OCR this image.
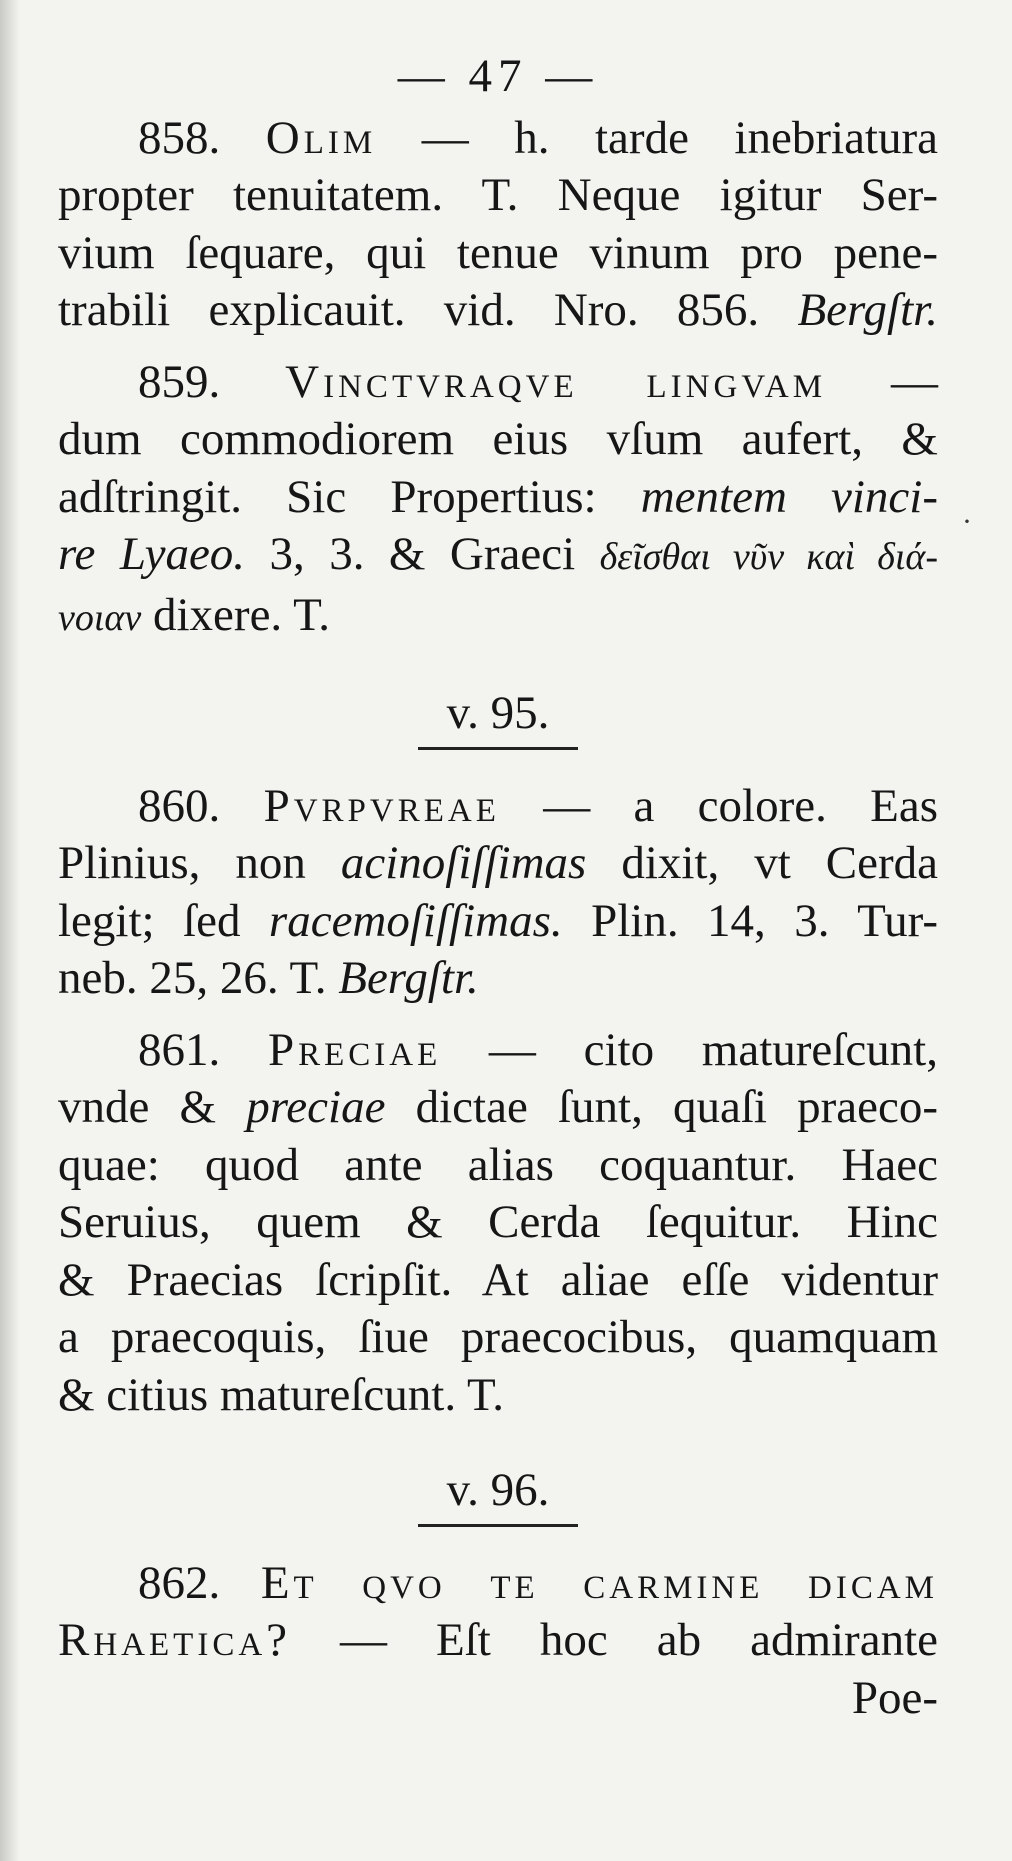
·
— 47 —
858. Olim — h. tarde inebriatura
propter tenuitatem. T. Neque igitur Ser-
vium ſequare, qui tenue vinum pro pene-
trabili explicauit. vid. Nro. 856. Bergſtr.
859. Vinctvraqve lingvam —
dum commodiorem eius vſum aufert, &
adſtringit. Sic Propertius: mentem vinci-
re Lyaeo. 3, 3. & Graeci δεῖσθαι νῦν καὶ διά-
νοιαν dixere. T.
v. 95.
860. Pvrpvreae — a colore. Eas
Plinius, non acinoſiſſimas dixit, vt Cerda
legit; ſed racemoſiſſimas. Plin. 14, 3. Tur-
neb. 25, 26. T. Bergſtr.
861. Preciae — cito matureſcunt,
vnde & preciae dictae ſunt, quaſi praeco-
quae: quod ante alias coquantur. Haec
Seruius, quem & Cerda ſequitur. Hinc
& Praecias ſcripſit. At aliae eſſe videntur
a praecoquis, ſiue praecocibus, quamquam
& citius matureſcunt. T.
v. 96.
862. Et qvo te carmine dicam
Rhaetica? — Eſt hoc ab admirante
Poe-
